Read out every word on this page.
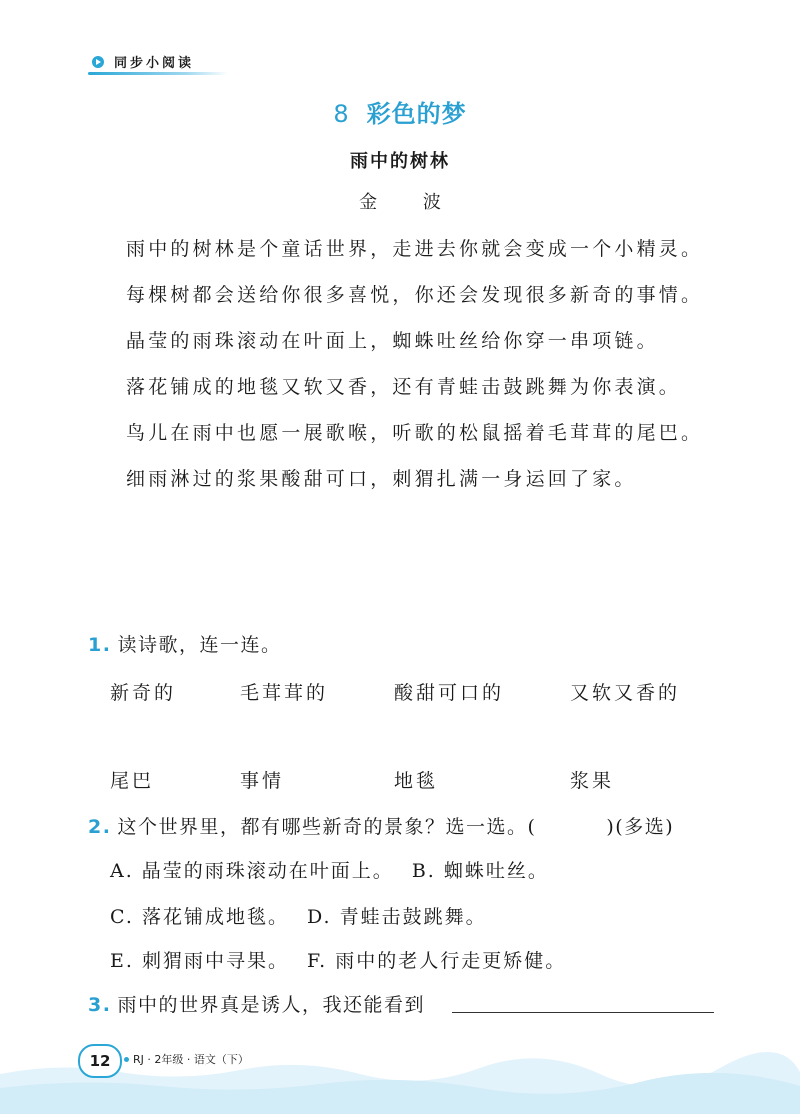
同步小阅读
8 彩色的梦
雨中的树林
金 波

雨中的树林是个童话世界，走进去你就会变成一个小精灵。

每棵树都会送给你很多喜悦，你还会发现很多新奇的事情。

晶莹的雨珠滚动在叶面上，蜘蛛吐丝给你穿一串项链。

落花铺成的地毯又软又香，还有青蛙击鼓跳舞为你表演。

鸟儿在雨中也愿一展歌喉，听歌的松鼠摇着毛茸茸的尾巴。

细雨淋过的浆果酸甜可口，刺猬扎满一身运回了家。

1. 读诗歌，连一连。
新奇的	毛茸茸的	酸甜可口的	又软又香的
尾巴	事情	地毯	浆果
2. 这个世界里，都有哪些新奇的景象？选一选。(	)(多选)
A. 晶莹的雨珠滚动在叶面上。 B. 蜘蛛吐丝。
C. 落花铺成地毯。 D. 青蛙击鼓跳舞。
E. 刺猬雨中寻果。 F. 雨中的老人行走更矫健。
3. 雨中的世界真是诱人，我还能看到
12	RJ · 2年级 · 语文（下）
